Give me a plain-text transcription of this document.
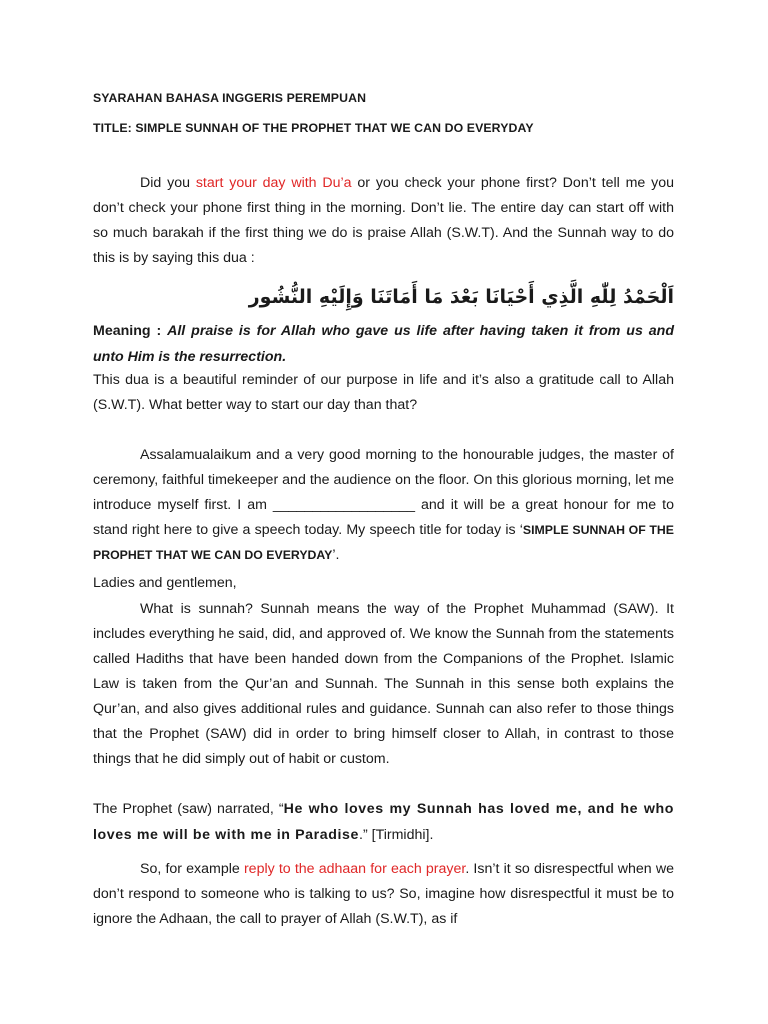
SYARAHAN BAHASA INGGERIS PEREMPUAN
TITLE: SIMPLE SUNNAH OF THE PROPHET THAT WE CAN DO EVERYDAY

Did you start your day with Du’a or you check your phone first? Don’t tell me you don’t check your phone first thing in the morning. Don’t lie. The entire day can start off with so much barakah if the first thing we do is praise Allah (S.W.T). And the Sunnah way to do this is by saying this dua :

اَلْحَمْدُ لِلّٰهِ الَّذِي أَحْيَانَا بَعْدَ مَا أَمَاتَنَا وَإِلَيْهِ النُّشُور

Meaning : All praise is for Allah who gave us life after having taken it from us and unto Him is the resurrection.

This dua is a beautiful reminder of our purpose in life and it’s also a gratitude call to Allah (S.W.T). What better way to start our day than that?

Assalamualaikum and a very good morning to the honourable judges, the master of ceremony, faithful timekeeper and the audience on the floor. On this glorious morning, let me introduce myself first. I am __________________ and it will be a great honour for me to stand right here to give a speech today. My speech title for today is ‘SIMPLE SUNNAH OF THE PROPHET THAT WE CAN DO EVERYDAY’.

Ladies and gentlemen,

What is sunnah? Sunnah means the way of the Prophet Muhammad (SAW). It includes everything he said, did, and approved of. We know the Sunnah from the statements called Hadiths that have been handed down from the Companions of the Prophet. Islamic Law is taken from the Qur’an and Sunnah. The Sunnah in this sense both explains the Qur’an, and also gives additional rules and guidance. Sunnah can also refer to those things that the Prophet (SAW) did in order to bring himself closer to Allah, in contrast to those things that he did simply out of habit or custom.

The Prophet (saw) narrated, “He who loves my Sunnah has loved me, and he who loves me will be with me in Paradise.” [Tirmidhi].

So, for example reply to the adhaan for each prayer. Isn’t it so disrespectful when we don’t respond to someone who is talking to us? So, imagine how disrespectful it must be to ignore the Adhaan, the call to prayer of Allah (S.W.T), as if
